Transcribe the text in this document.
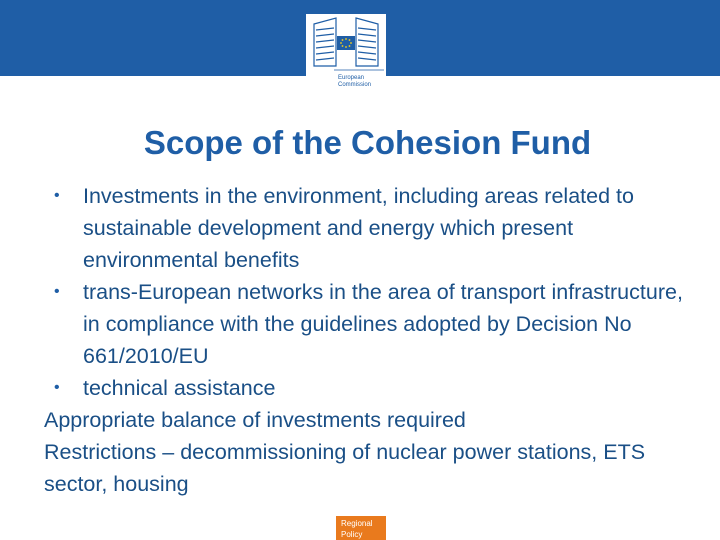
European
Commission
Scope of the Cohesion Fund
• Investments in the environment, including areas related to sustainable development and energy which present environmental benefits
• trans-European networks in the area of transport infrastructure, in compliance with the guidelines adopted by Decision No 661/2010/EU
• technical assistance

Appropriate balance of investments required

Restrictions – decommissioning of nuclear power stations, ETS sector, housing

Regional
Policy
